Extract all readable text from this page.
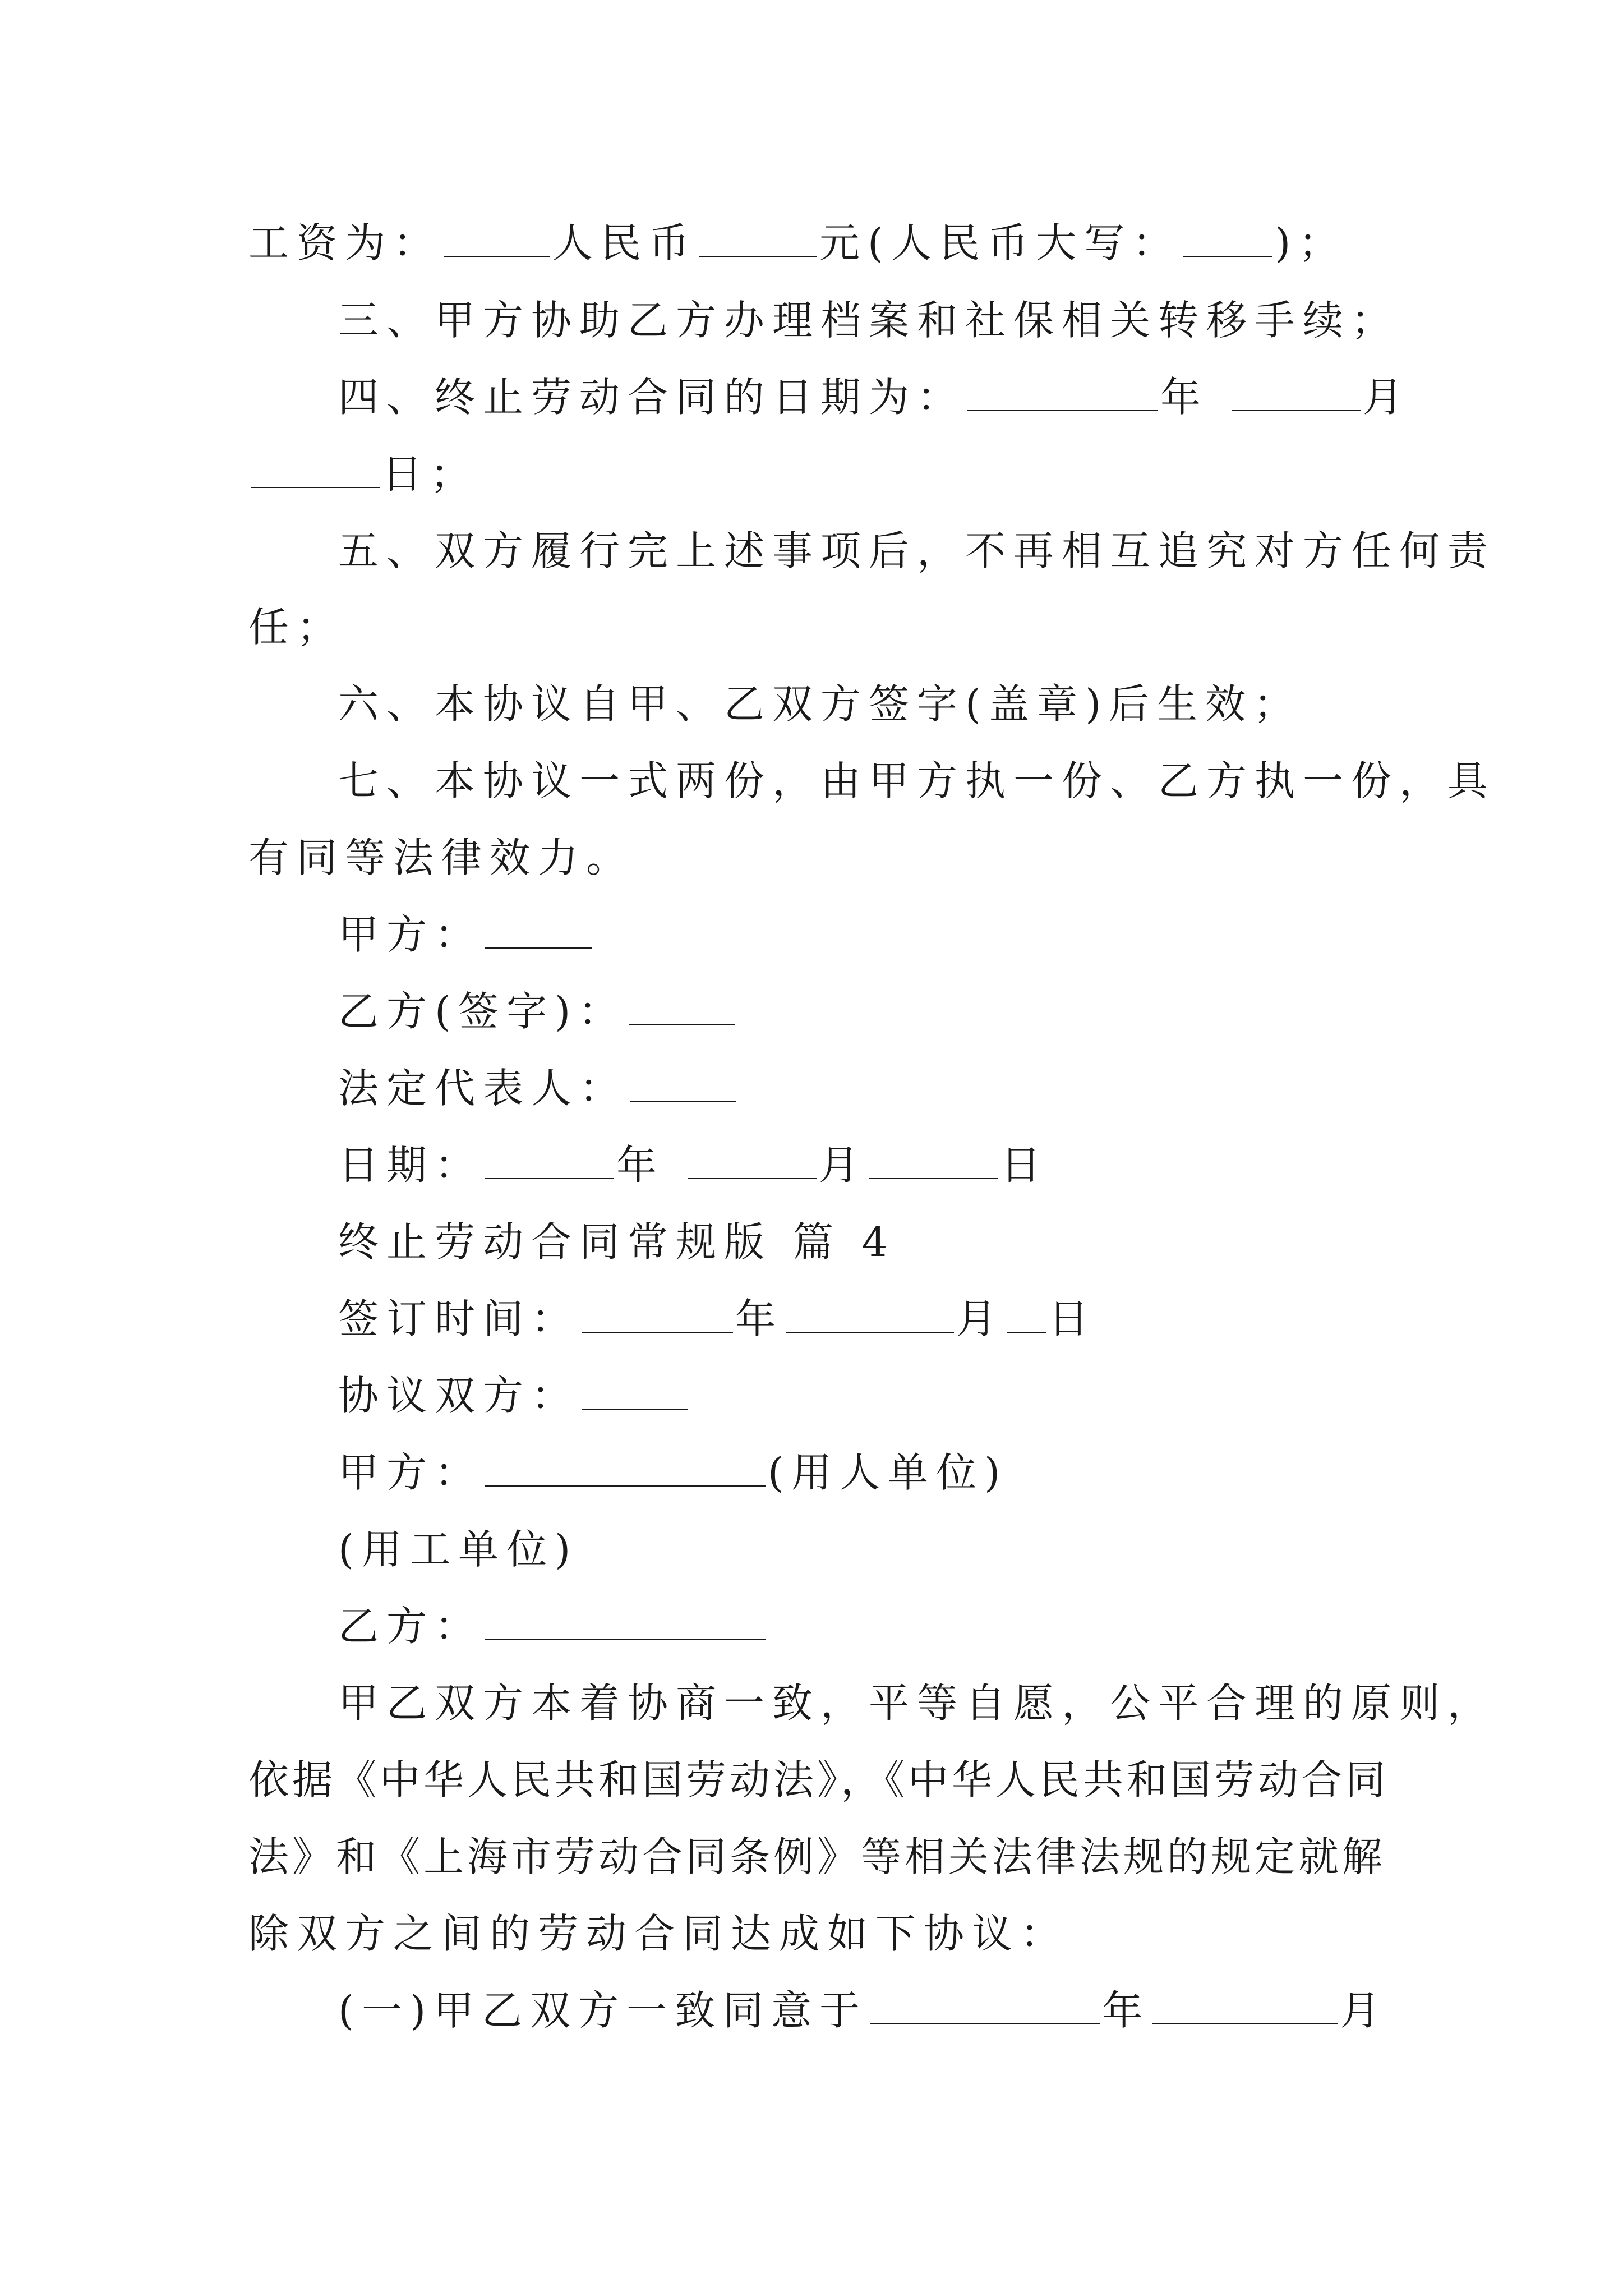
工资为：	人民币	元(人民币大写： )；
三、甲方协助乙方办理档案和社保相关转移手续；
四、终止劳动合同的日期为：	年	月
日；
五、双方履行完上述事项后，不再相互追究对方任何责
任；
六、本协议自甲、乙双方签字(盖章)后生效；
七、本协议一式两份，由甲方执一份、乙方执一份，具
有同等法律效力。
甲方：
乙方(签字)：
法定代表人：
日期：	年	月	日
终止劳动合同常规版 篇 4
签订时间：	年	月 日
协议双方：
甲方：	(用人单位)
(用工单位)
乙方：
甲乙双方本着协商一致，平等自愿，公平合理的原则，
依据《中华人民共和国劳动法》，《中华人民共和国劳动合同
法》和《上海市劳动合同条例》等相关法律法规的规定就解
除双方之间的劳动合同达成如下协议：
(一)甲乙双方一致同意于	年	月
